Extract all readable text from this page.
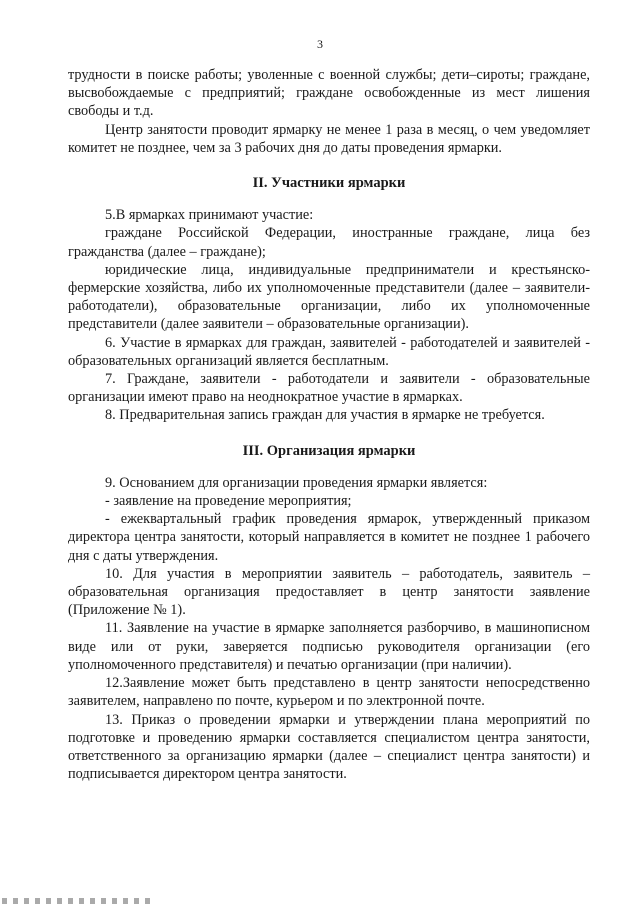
3

трудности в поиске работы; уволенные с военной службы; дети–сироты; граждане, высвобождаемые с предприятий; граждане освобожденные из мест лишения свободы и т.д.

Центр занятости проводит ярмарку не менее 1 раза в месяц, о чем уведомляет комитет не позднее, чем за 3 рабочих дня до даты проведения ярмарки.

II. Участники ярмарки

5.В ярмарках принимают участие:

граждане Российской Федерации, иностранные граждане, лица без гражданства (далее – граждане);

юридические лица, индивидуальные предприниматели и крестьянско-фермерские хозяйства, либо их уполномоченные представители (далее – заявители-работодатели), образовательные организации, либо их уполномоченные представители (далее заявители – образовательные организации).

6. Участие в ярмарках для граждан, заявителей - работодателей и заявителей - образовательных организаций является бесплатным.

7. Граждане, заявители - работодатели и заявители - образовательные организации имеют право на неоднократное участие в ярмарках.

8. Предварительная запись граждан для участия в ярмарке не требуется.

III. Организация ярмарки

9. Основанием для организации проведения ярмарки является:

- заявление на проведение мероприятия;

- ежеквартальный график проведения ярмарок, утвержденный приказом директора центра занятости, который направляется в комитет не позднее 1 рабочего дня с даты утверждения.

10. Для участия в мероприятии заявитель – работодатель, заявитель – образовательная организация предоставляет в центр занятости заявление (Приложение № 1).

11. Заявление на участие в ярмарке заполняется разборчиво, в машинописном виде или от руки, заверяется подписью руководителя организации (его уполномоченного представителя) и печатью организации (при наличии).

12.Заявление может быть представлено в центр занятости непосредственно заявителем, направлено по почте, курьером и по электронной почте.

13. Приказ о проведении ярмарки и утверждении плана мероприятий по подготовке и проведению ярмарки составляется специалистом центра занятости, ответственного за организацию ярмарки (далее – специалист центра занятости) и подписывается директором центра занятости.
